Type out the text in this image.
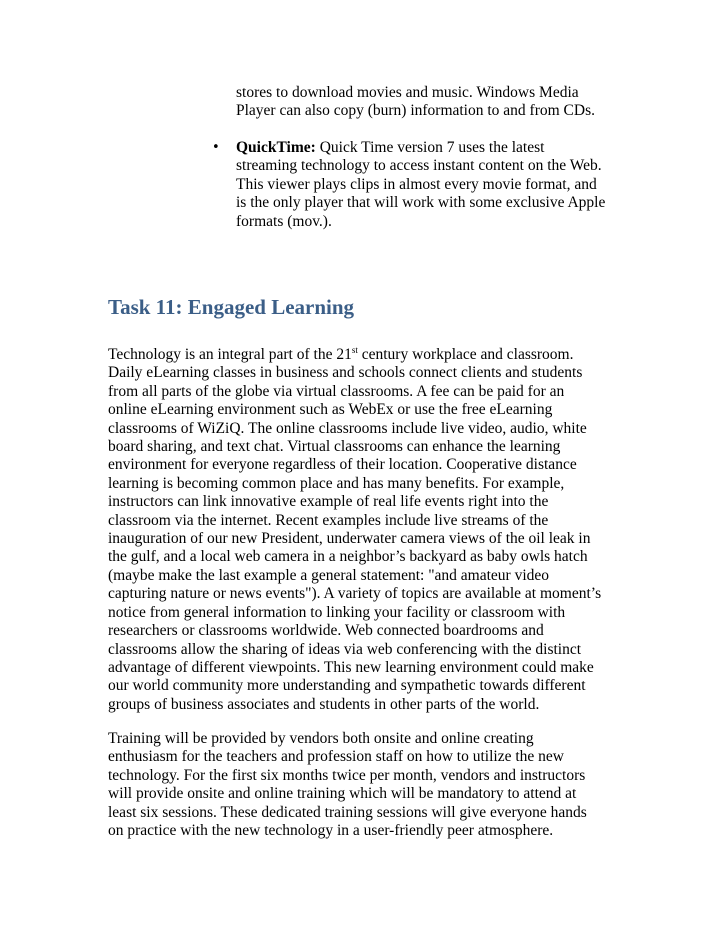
stores to download movies and music. Windows Media
Player can also copy (burn) information to and from CDs.
•	QuickTime: Quick Time version 7 uses the latest
streaming technology to access instant content on the Web.
This viewer plays clips in almost every movie format, and
is the only player that will work with some exclusive Apple
formats (mov.).
Task 11: Engaged Learning
Technology is an integral part of the 21st century workplace and classroom.
Daily eLearning classes in business and schools connect clients and students
from all parts of the globe via virtual classrooms. A fee can be paid for an
online eLearning environment such as WebEx or use the free eLearning
classrooms of WiZiQ. The online classrooms include live video, audio, white
board sharing, and text chat. Virtual classrooms can enhance the learning
environment for everyone regardless of their location. Cooperative distance
learning is becoming common place and has many benefits. For example,
instructors can link innovative example of real life events right into the
classroom via the internet. Recent examples include live streams of the
inauguration of our new President, underwater camera views of the oil leak in
the gulf, and a local web camera in a neighbor’s backyard as baby owls hatch
(maybe make the last example a general statement: "and amateur video
capturing nature or news events"). A variety of topics are available at moment’s
notice from general information to linking your facility or classroom with
researchers or classrooms worldwide. Web connected boardrooms and
classrooms allow the sharing of ideas via web conferencing with the distinct
advantage of different viewpoints. This new learning environment could make
our world community more understanding and sympathetic towards different
groups of business associates and students in other parts of the world.
Training will be provided by vendors both onsite and online creating
enthusiasm for the teachers and profession staff on how to utilize the new
technology. For the first six months twice per month, vendors and instructors
will provide onsite and online training which will be mandatory to attend at
least six sessions. These dedicated training sessions will give everyone hands
on practice with the new technology in a user-friendly peer atmosphere.
